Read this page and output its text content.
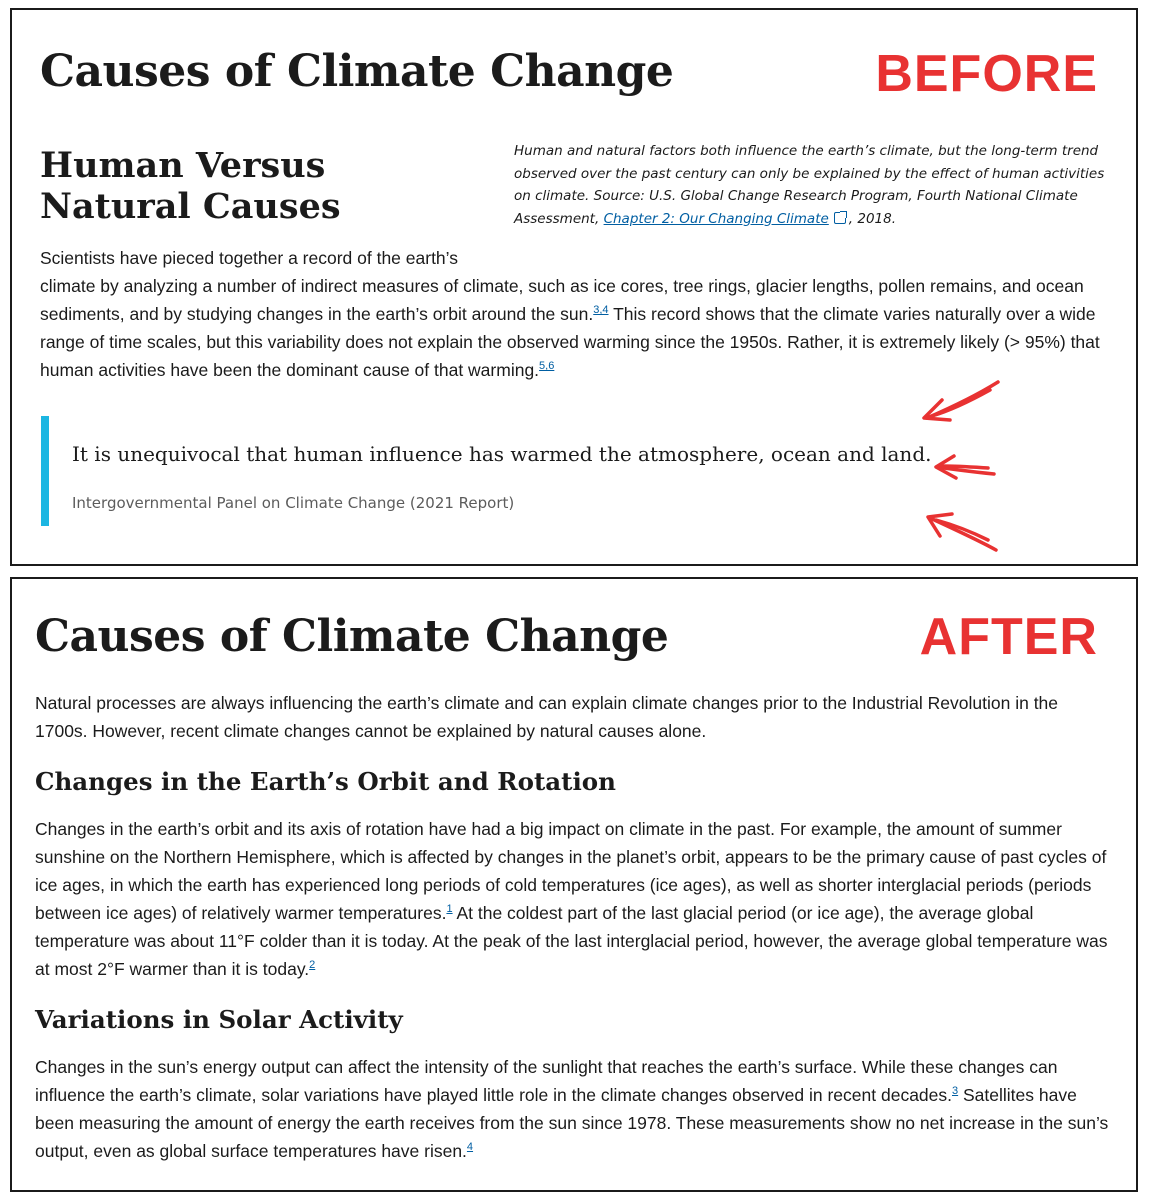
Causes of Climate Change	BEFORE
Human Versus Natural Causes
Human and natural factors both influence the earth’s climate, but the long-term trend observed over the past century can only be explained by the effect of human activities on climate. Source: U.S. Global Change Research Program, Fourth National Climate Assessment, Chapter 2: Our Changing Climate , 2018.

Scientists have pieced together a record of the earth’s
climate by analyzing a number of indirect measures of climate, such as ice cores, tree rings, glacier lengths, pollen remains, and ocean sediments, and by studying changes in the earth’s orbit around the sun.$^{3,4}$ This record shows that the climate varies naturally over a wide range of time scales, but this variability does not explain the observed warming since the 1950s. Rather, it is extremely likely (> 95%) that human activities have been the dominant cause of that warming.$^{5,6}$

It is unequivocal that human influence has warmed the atmosphere, ocean and land.
Intergovernmental Panel on Climate Change (2021 Report)
Causes of Climate Change	AFTER

Natural processes are always influencing the earth’s climate and can explain climate changes prior to the Industrial Revolution in the 1700s. However, recent climate changes cannot be explained by natural causes alone.

Changes in the Earth’s Orbit and Rotation

Changes in the earth’s orbit and its axis of rotation have had a big impact on climate in the past. For example, the amount of summer sunshine on the Northern Hemisphere, which is affected by changes in the planet’s orbit, appears to be the primary cause of past cycles of ice ages, in which the earth has experienced long periods of cold temperatures (ice ages), as well as shorter interglacial periods (periods between ice ages) of relatively warmer temperatures.$^1$ At the coldest part of the last glacial period (or ice age), the average global temperature was about 11°F colder than it is today. At the peak of the last interglacial period, however, the average global temperature was at most 2°F warmer than it is today.$^2$

Variations in Solar Activity

Changes in the sun’s energy output can affect the intensity of the sunlight that reaches the earth’s surface. While these changes can influence the earth’s climate, solar variations have played little role in the climate changes observed in recent decades.$^3$ Satellites have been measuring the amount of energy the earth receives from the sun since 1978. These measurements show no net increase in the sun’s output, even as global surface temperatures have risen.$^4$
